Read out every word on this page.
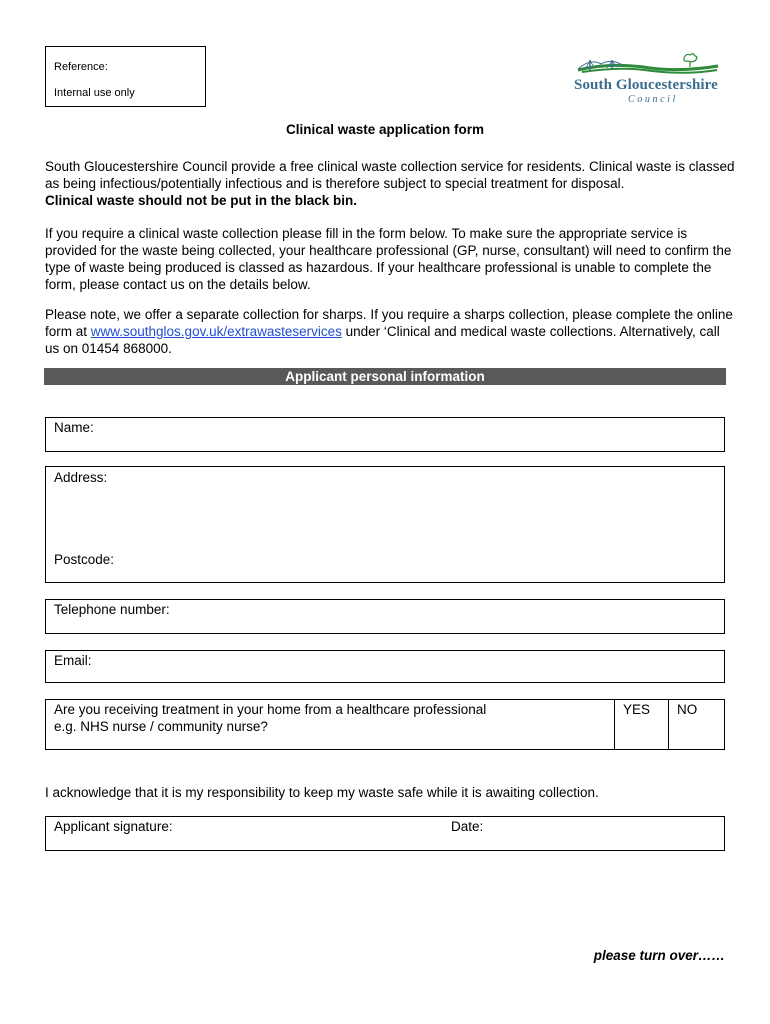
Reference:
Internal use only	South Gloucestershire
Council
Clinical waste application form
South Gloucestershire Council provide a free clinical waste collection service for residents. Clinical waste is classed as being infectious/potentially infectious and is therefore subject to special treatment for disposal.
Clinical waste should not be put in the black bin.
If you require a clinical waste collection please fill in the form below. To make sure the appropriate service is provided for the waste being collected, your healthcare professional (GP, nurse, consultant) will need to confirm the type of waste being produced is classed as hazardous. If your healthcare professional is unable to complete the form, please contact us on the details below.
Please note, we offer a separate collection for sharps. If you require a sharps collection, please complete the online form at www.southglos.gov.uk/extrawasteservices under ‘Clinical and medical waste collections. Alternatively, call us on 01454 868000.
Applicant personal information
Name:
Address:
Postcode:
Telephone number:
Email:
Are you receiving treatment in your home from a healthcare professional
e.g. NHS nurse / community nurse?
YES NO
I acknowledge that it is my responsibility to keep my waste safe while it is awaiting collection.
Applicant signature:	Date:
please turn over……
